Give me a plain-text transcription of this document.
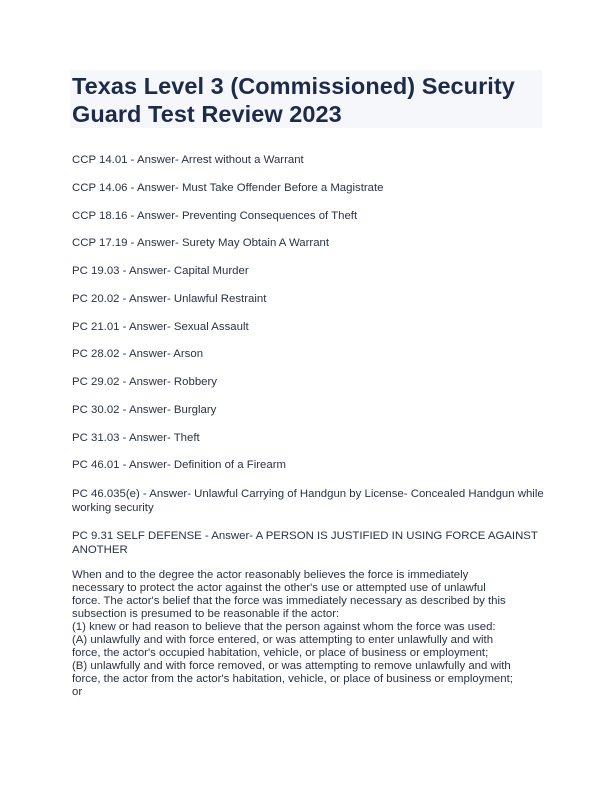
Texas Level 3 (Commissioned) Security Guard Test Review 2023
CCP 14.01 - Answer- Arrest without a Warrant
CCP 14.06 - Answer- Must Take Offender Before a Magistrate
CCP 18.16 - Answer- Preventing Consequences of Theft
CCP 17.19 - Answer- Surety May Obtain A Warrant
PC 19.03 - Answer- Capital Murder
PC 20.02 - Answer- Unlawful Restraint
PC 21.01 - Answer- Sexual Assault
PC 28.02 - Answer- Arson
PC 29.02 - Answer- Robbery
PC 30.02 - Answer- Burglary
PC 31.03 - Answer- Theft
PC 46.01 - Answer- Definition of a Firearm
PC 46.035(e) - Answer- Unlawful Carrying of Handgun by License- Concealed Handgun while working security
PC 9.31 SELF DEFENSE - Answer- A PERSON IS JUSTIFIED IN USING FORCE AGAINST ANOTHER

When and to the degree the actor reasonably believes the force is immediately
necessary to protect the actor against the other's use or attempted use of unlawful
force. The actor's belief that the force was immediately necessary as described by this
subsection is presumed to be reasonable if the actor:
(1) knew or had reason to believe that the person against whom the force was used:
(A) unlawfully and with force entered, or was attempting to enter unlawfully and with
force, the actor's occupied habitation, vehicle, or place of business or employment;
(B) unlawfully and with force removed, or was attempting to remove unlawfully and with
force, the actor from the actor's habitation, vehicle, or place of business or employment;
or
